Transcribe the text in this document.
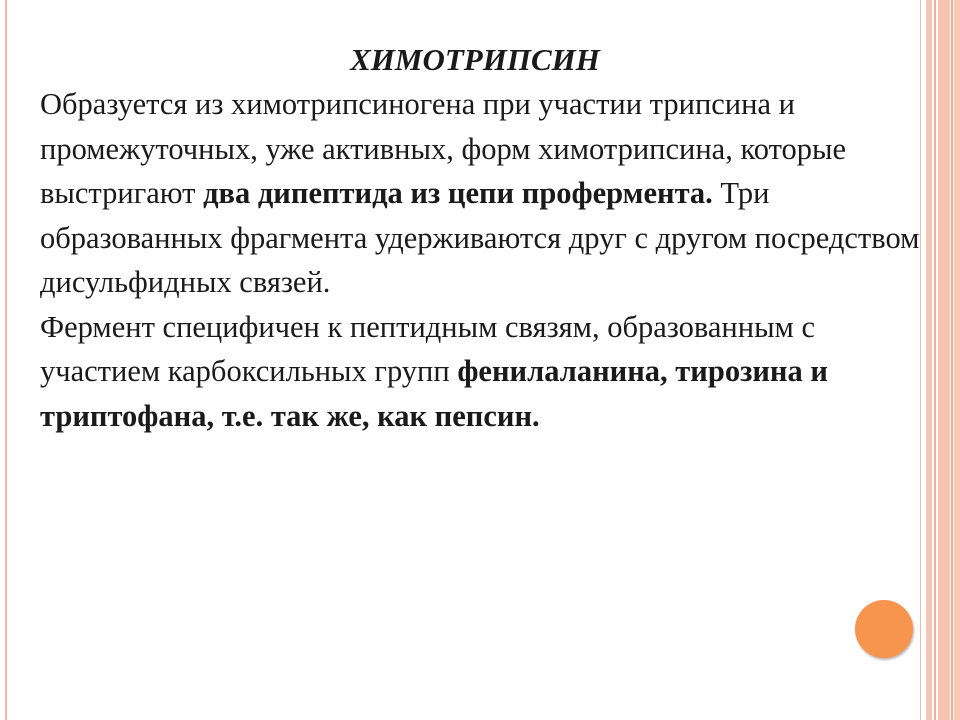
ХИМОТРИПСИН

Образуется из химотрипсиногена при участии трипсина и промежуточных, уже активных, форм химотрипсина, которые выстригают два дипептида из цепи профермента. Три образованных фрагмента удерживаются друг с другом посредством дисульфидных связей.

Фермент специфичен к пептидным связям, образованным с участием карбоксильных групп фенилаланина, тирозина и триптофана, т.е. так же, как пепсин.
